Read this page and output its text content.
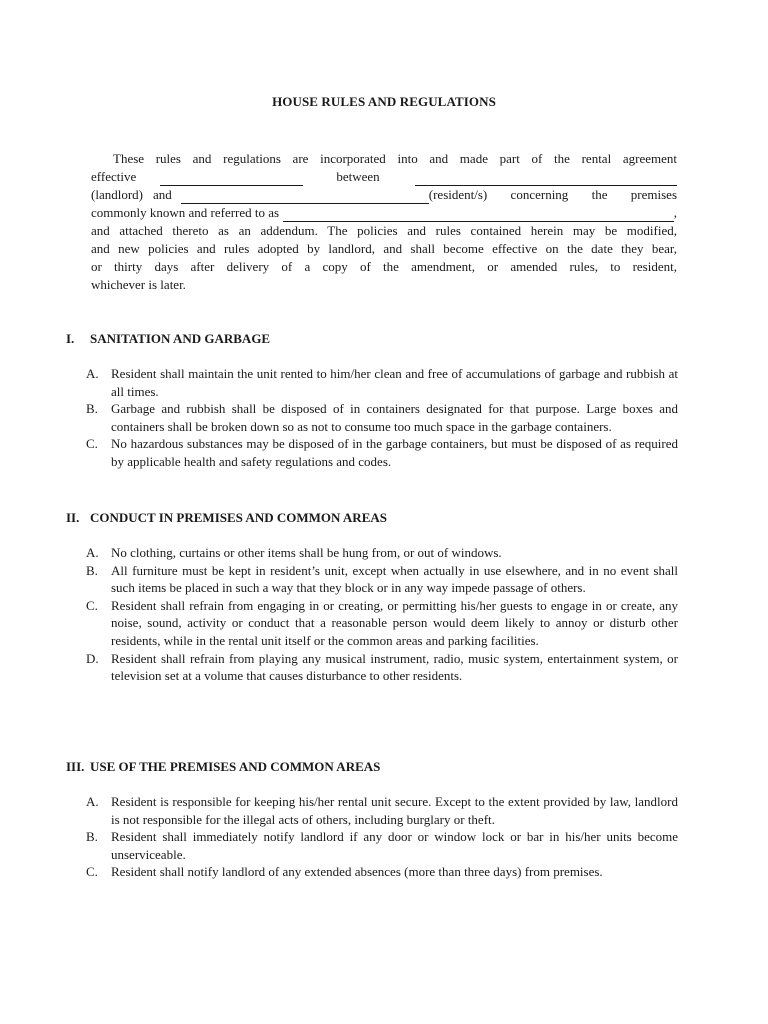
HOUSE RULES AND REGULATIONS
These rules and regulations are incorporated into and made part of the rental agreement
effective	between
(landlord) and	(resident/s) concerning the premises
commonly known and referred to as	,
and attached thereto as an addendum. The policies and rules contained herein may be modified,
and new policies and rules adopted by landlord, and shall become effective on the date they bear,
or thirty days after delivery of a copy of the amendment, or amended rules, to resident,
whichever is later.
I.	SANITATION AND GARBAGE
A. Resident shall maintain the unit rented to him/her clean and free of accumulations of garbage and rubbish at all times.
B.	Garbage and rubbish shall be disposed of in containers designated for that purpose. Large boxes and containers shall be broken down so as not to consume too much space in the garbage containers.
C.	No hazardous substances may be disposed of in the garbage containers, but must be disposed of as required by applicable health and safety regulations and codes.
II. CONDUCT IN PREMISES AND COMMON AREAS
A. No clothing, curtains or other items shall be hung from, or out of windows.
B.	All furniture must be kept in resident’s unit, except when actually in use elsewhere, and in no event shall such items be placed in such a way that they block or in any way impede passage of others.
C.	Resident shall refrain from engaging in or creating, or permitting his/her guests to engage in or create, any noise, sound, activity or conduct that a reasonable person would deem likely to annoy or disturb other residents, while in the rental unit itself or the common areas and parking facilities.
D. Resident shall refrain from playing any musical instrument, radio, music system, entertainment system, or television set at a volume that causes disturbance to other residents.
III. USE OF THE PREMISES AND COMMON AREAS
A. Resident is responsible for keeping his/her rental unit secure. Except to the extent provided by law, landlord is not responsible for the illegal acts of others, including burglary or theft.
B.	Resident shall immediately notify landlord if any door or window lock or bar in his/her units become unserviceable.
C.	Resident shall notify landlord of any extended absences (more than three days) from premises.
